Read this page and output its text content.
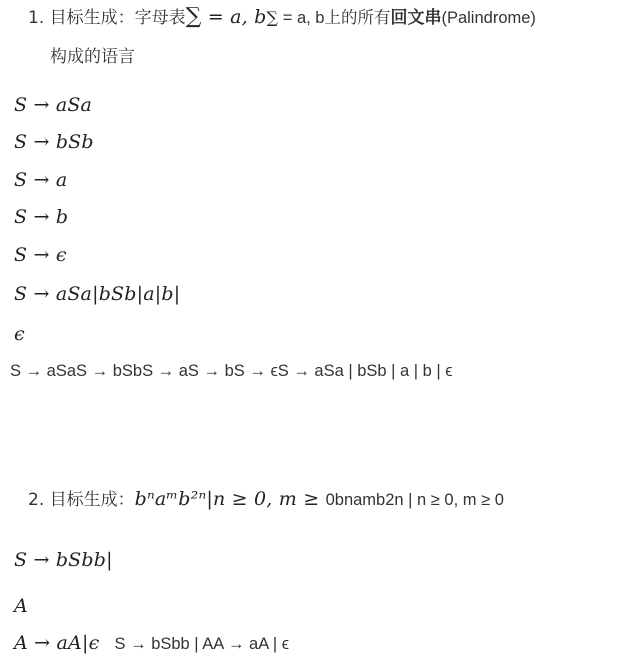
1. 目标生成：字母表∑ = a, b∑ = a, b上的所有回文串(Palindrome)
构成的语言
S → aSa
S → bSb
S → a
S → b
S → ϵ
S → aSa|bSb|a|b|
ϵ
S → aSaS → bSbS → aS → bS → ϵS → aSa | bSb | a | b | ϵ
2. 目标生成：bⁿaᵐb²ⁿ|n ≥ 0, m ≥ 0bnamb2n | n ≥ 0, m ≥ 0
S → bSbb|
A
A → aA|ϵ S → bSbb | AA → aA | ϵ
